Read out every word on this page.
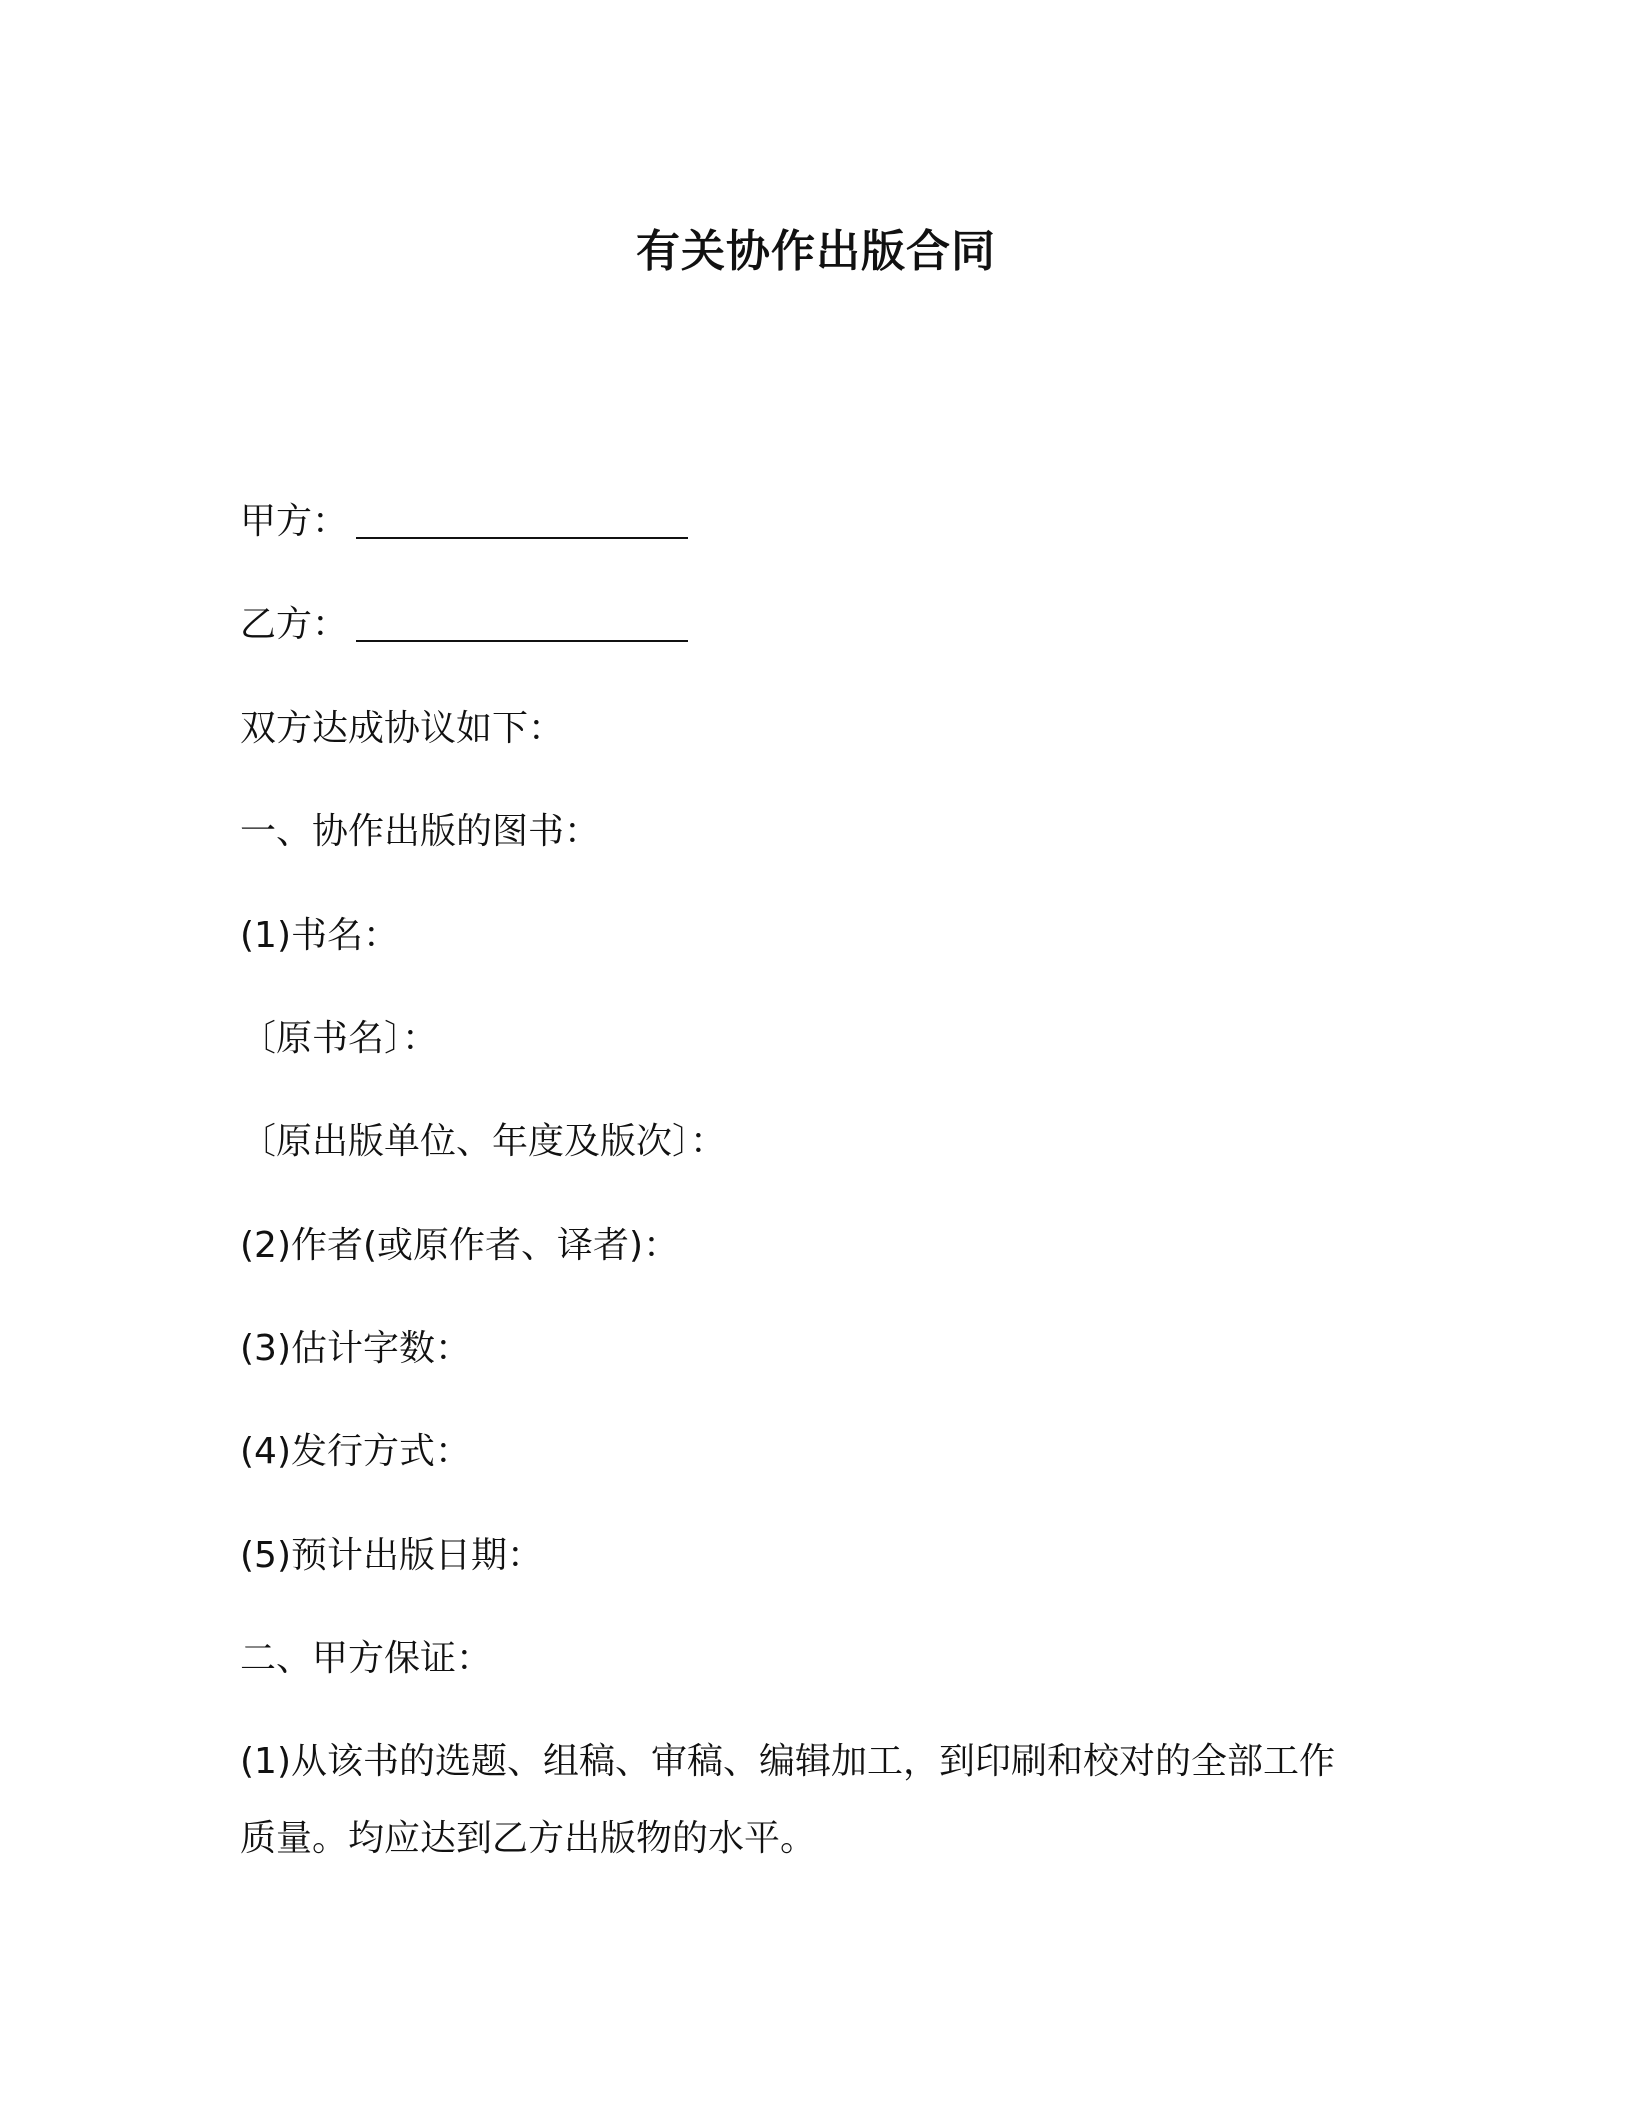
有关协作出版合同
甲方：
乙方：
双方达成协议如下：
一、协作出版的图书：
(1)书名：
〔原书名〕：
〔原出版单位、年度及版次〕：
(2)作者(或原作者、译者)：
(3)估计字数：
(4)发行方式：
(5)预计出版日期：
二、甲方保证：
(1)从该书的选题、组稿、审稿、编辑加工，到印刷和校对的全部工作
质量。均应达到乙方出版物的水平。
